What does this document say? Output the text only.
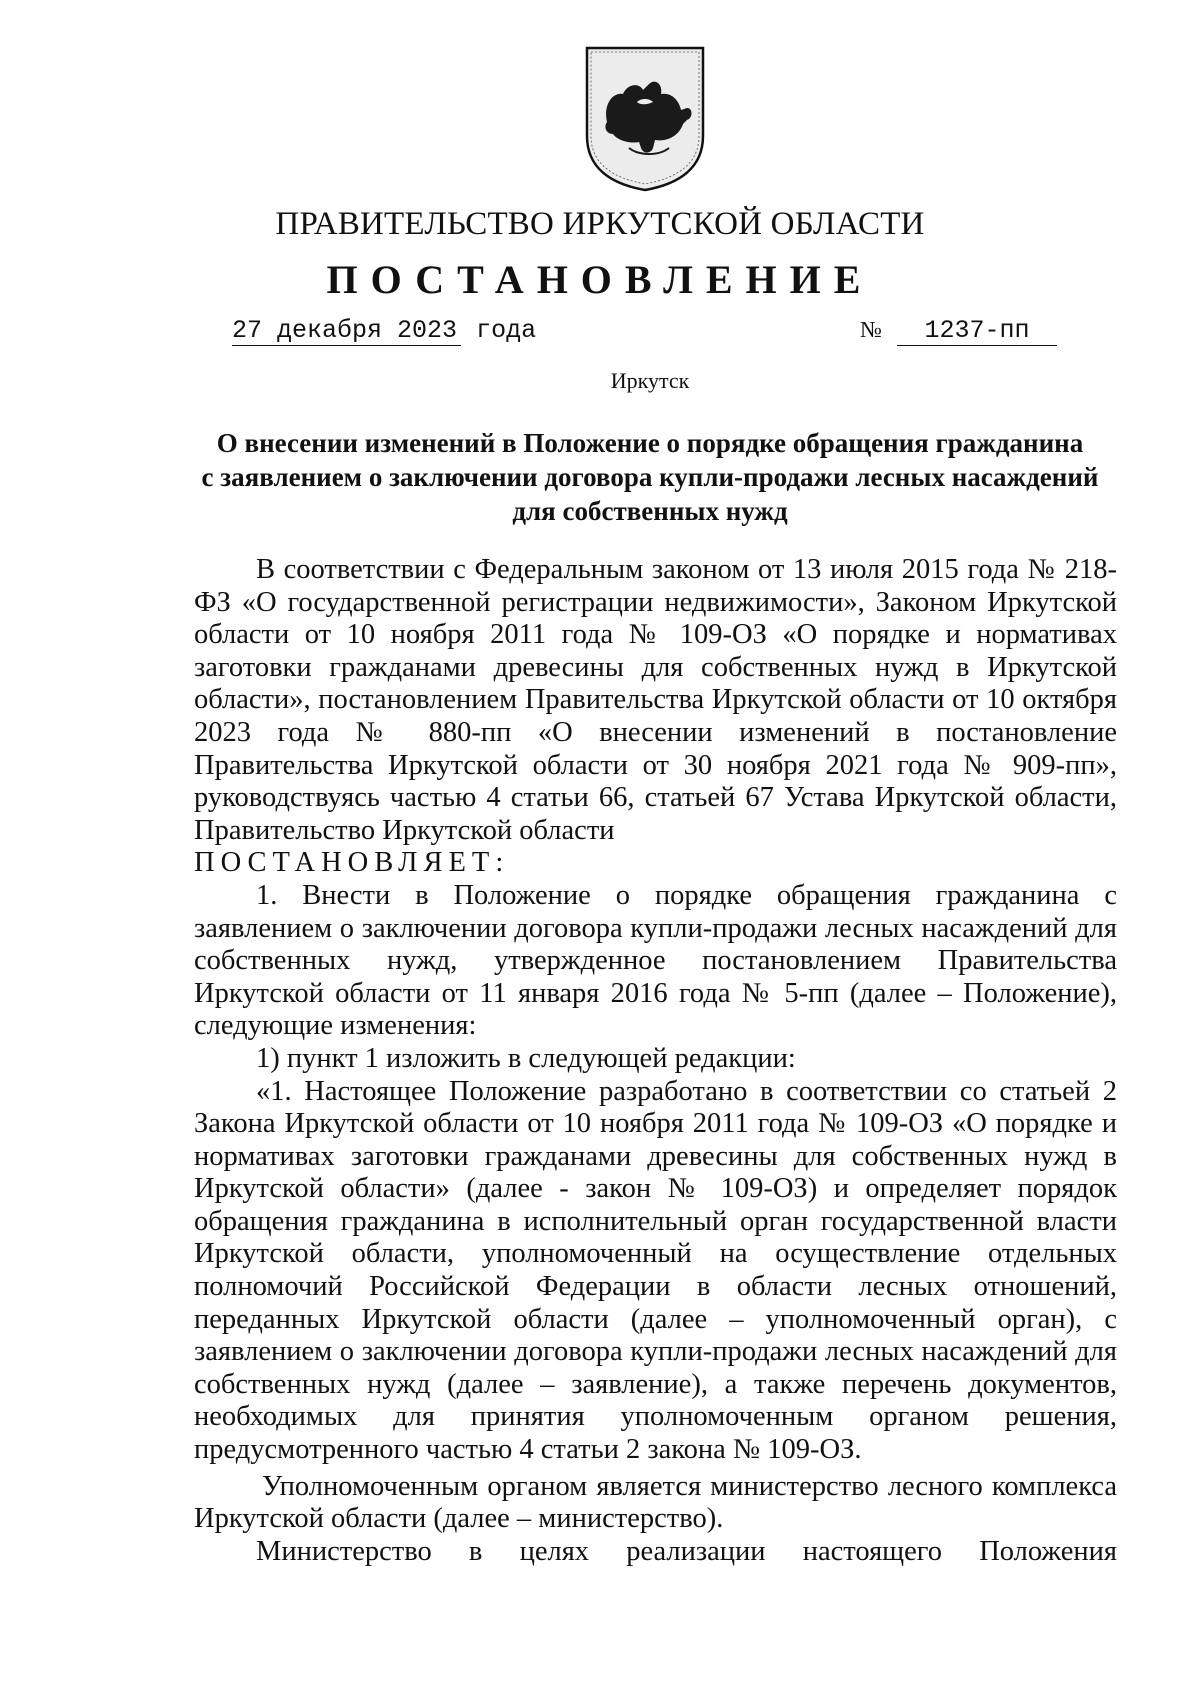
ПРАВИТЕЛЬСТВО ИРКУТСКОЙ ОБЛАСТИ
ПОСТАНОВЛЕНИЕ
27 декабря 2023 года	№ 1237-пп
Иркутск
О внесении изменений в Положение о порядке обращения гражданина
с заявлением о заключении договора купли-продажи лесных насаждений
для собственных нужд

В соответствии с Федеральным законом от 13 июля 2015 года № 218-ФЗ «О государственной регистрации недвижимости», Законом Иркутской области от 10 ноября 2011 года № 109-ОЗ «О порядке и нормативах заготовки гражданами древесины для собственных нужд в Иркутской области», постановлением Правительства Иркутской области от 10 октября 2023 года № 880-пп «О внесении изменений в постановление Правительства Иркутской области от 30 ноября 2021 года № 909-пп», руководствуясь частью 4 статьи 66, статьей 67 Устава Иркутской области, Правительство Иркутской области

ПОСТАНОВЛЯЕТ:

1. Внести в Положение о порядке обращения гражданина с заявлением о заключении договора купли-продажи лесных насаждений для собственных нужд, утвержденное постановлением Правительства Иркутской области от 11 января 2016 года № 5-пп (далее – Положение), следующие изменения:

1) пункт 1 изложить в следующей редакции:

«1. Настоящее Положение разработано в соответствии со статьей 2 Закона Иркутской области от 10 ноября 2011 года № 109-ОЗ «О порядке и нормативах заготовки гражданами древесины для собственных нужд в Иркутской области» (далее - закон № 109-ОЗ) и определяет порядок обращения гражданина в исполнительный орган государственной власти Иркутской области, уполномоченный на осуществление отдельных полномочий Российской Федерации в области лесных отношений, переданных Иркутской области (далее – уполномоченный орган), с заявлением о заключении договора купли-продажи лесных насаждений для собственных нужд (далее – заявление), а также перечень документов, необходимых для принятия уполномоченным органом решения, предусмотренного частью 4 статьи 2 закона № 109-ОЗ.

Уполномоченным органом является министерство лесного комплекса Иркутской области (далее – министерство).

Министерство в целях реализации настоящего Положения
